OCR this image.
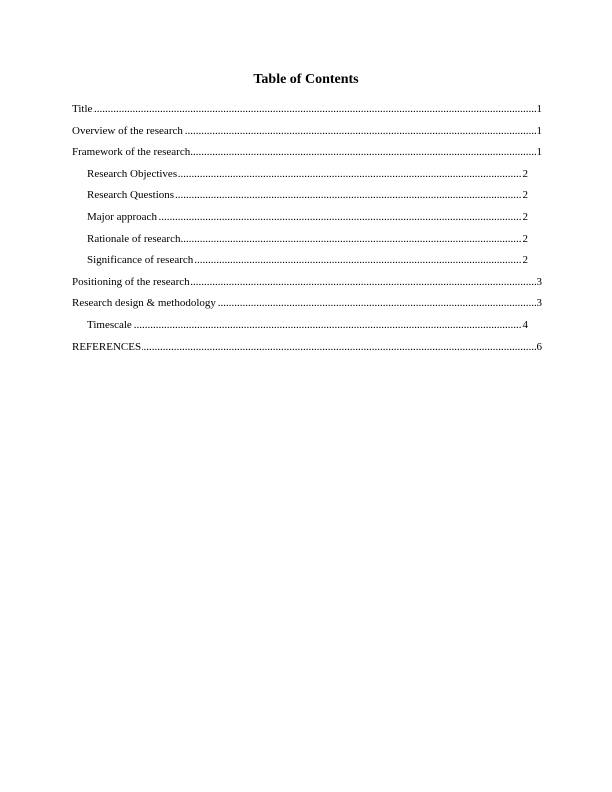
Table of Contents
.....
Title	1
.....
Overview of the research	1
.....
Framework of the research	1
.....
Research Objectives	2
.....
Research Questions	2
.....
Major approach	2
.....
Rationale of research	2
.....
Significance of research	2
.....
Positioning of the research	3
.....
Research design & methodology	3
.....
Timescale	4
.....
REFERENCES	6
